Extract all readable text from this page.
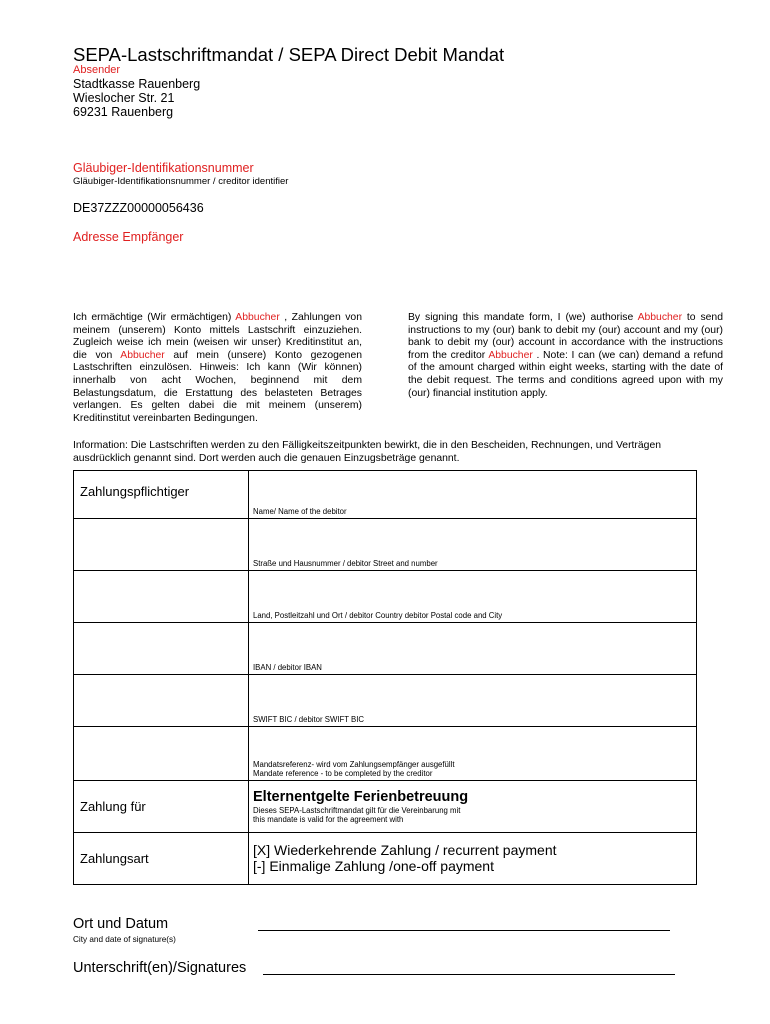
SEPA-Lastschriftmandat / SEPA Direct Debit Mandat
Absender
Stadtkasse Rauenberg
Wieslocher Str. 21
69231 Rauenberg
Gläubiger-Identifikationsnummer
Gläubiger-Identifikationsnummer / creditor identifier
DE37ZZZ00000056436
Adresse Empfänger
Ich ermächtige (Wir ermächtigen) Abbucher , Zahlungen von meinem (unserem) Konto mittels Lastschrift einzuziehen. Zugleich weise ich mein (weisen wir unser) Kreditinstitut an, die von Abbucher auf mein (unsere) Konto gezogenen Lastschriften einzulösen. Hinweis: Ich kann (Wir können) innerhalb von acht Wochen, beginnend mit dem Belastungsdatum, die Erstattung des belasteten Betrages verlangen. Es gelten dabei die mit meinem (unserem) Kreditinstitut vereinbarten Bedingungen.
By signing this mandate form, I (we) authorise Abbucher to send instructions to my (our) bank to debit my (our) account and my (our) bank to debit my (our) account in accordance with the instructions from the creditor Abbucher . Note: I can (we can) demand a refund of the amount charged within eight weeks, starting with the date of the debit request. The terms and conditions agreed upon with my (our) financial institution apply.
Information: Die Lastschriften werden zu den Fälligkeitszeitpunkten bewirkt, die in den Bescheiden, Rechnungen, und Verträgen ausdrücklich genannt sind. Dort werden auch die genauen Einzugsbeträge genannt.
Zahlungspflichtiger	Name/ Name of the debitor

	Straße und Hausnummer / debitor Street and number

	Land, Postleitzahl und Ort / debitor Country debitor Postal code and City

	IBAN / debitor IBAN

	SWIFT BIC / debitor SWIFT BIC

	Mandatsreferenz- wird vom Zahlungsempfänger ausgefüllt
Mandate reference - to be completed by the creditor

Zahlung für	Elternentgelte Ferienbetreuung
Dieses SEPA-Lastschriftmandat gilt für die Vereinbarung mit
this mandate is valid for the agreement with

Zahlungsart	[X] Wiederkehrende Zahlung / recurrent payment
[-] Einmalige Zahlung /one-off payment
Ort und Datum
City and date of signature(s)
Unterschrift(en)/Signatures
